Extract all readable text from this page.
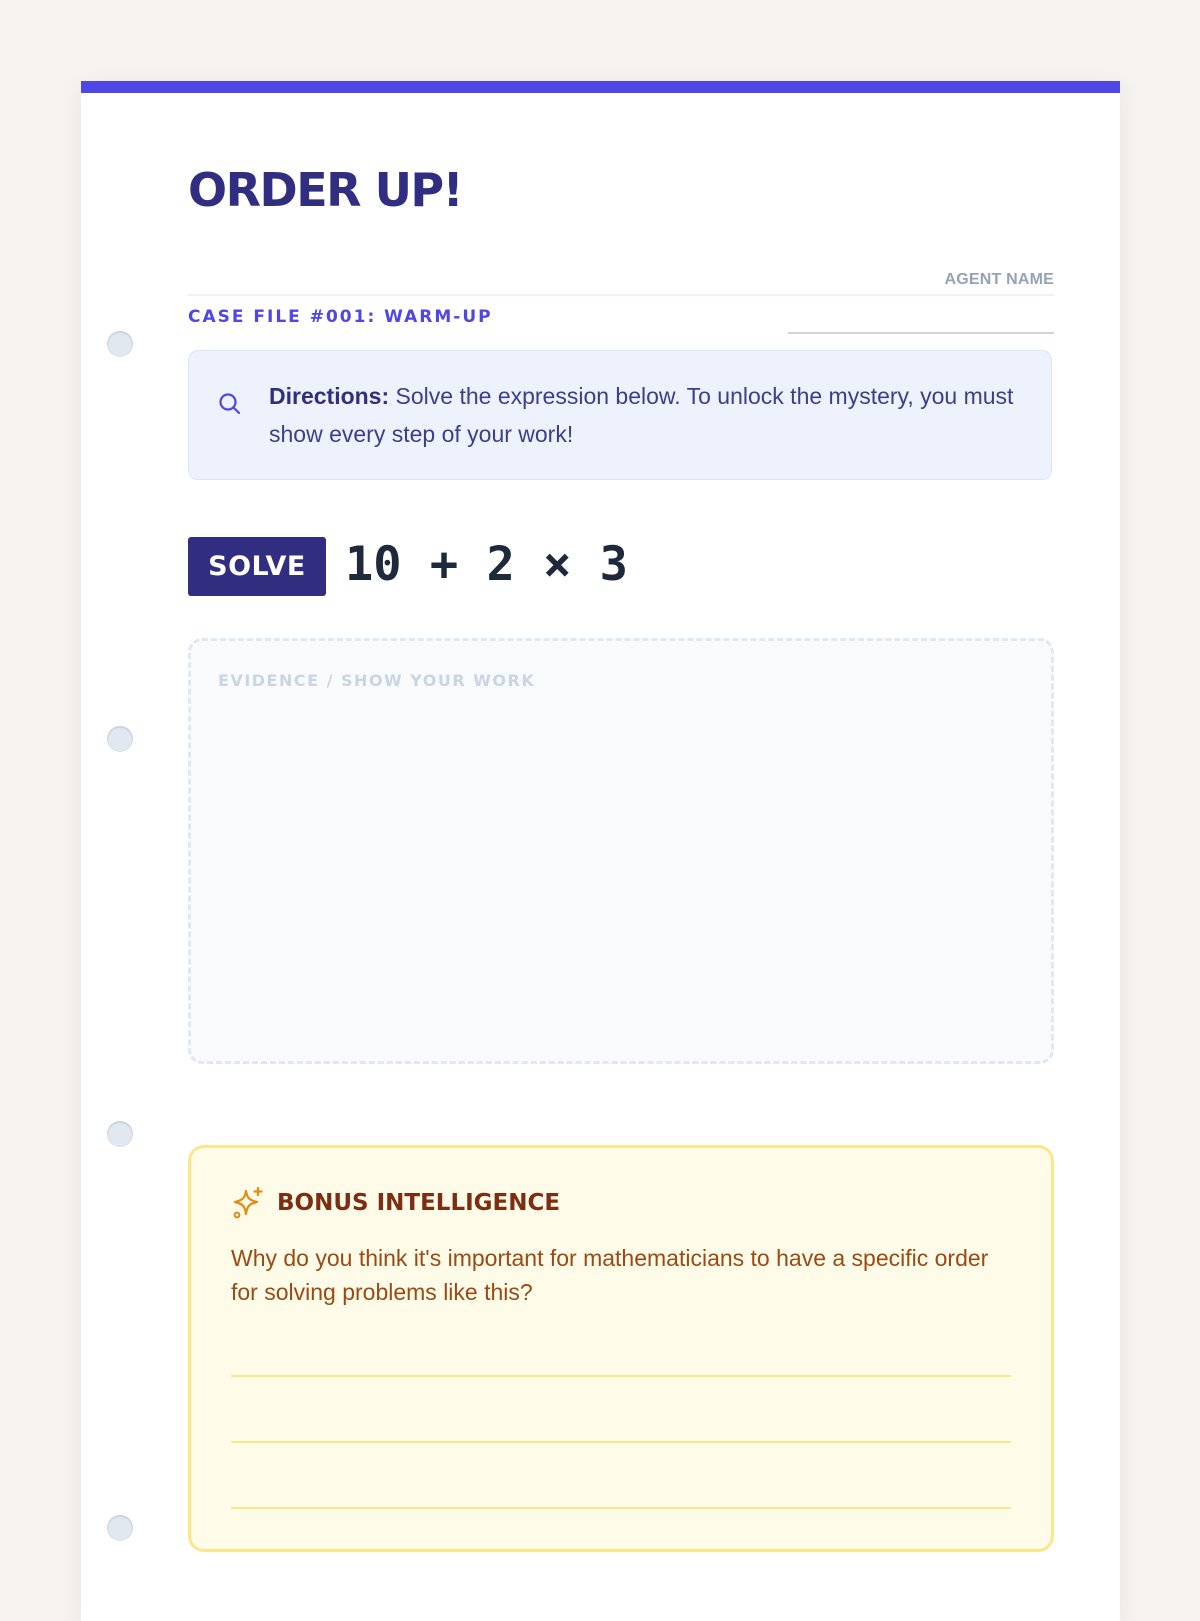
ORDER UP!
CASE FILE #001: WARM-UP
AGENT NAME

Directions: Solve the expression below. To unlock the mystery, you must show every step of your work!

SOLVE 10 + 2 × 3
EVIDENCE / SHOW YOUR WORK
BONUS INTELLIGENCE

Why do you think it's important for mathematicians to have a specific order for solving problems like this?
